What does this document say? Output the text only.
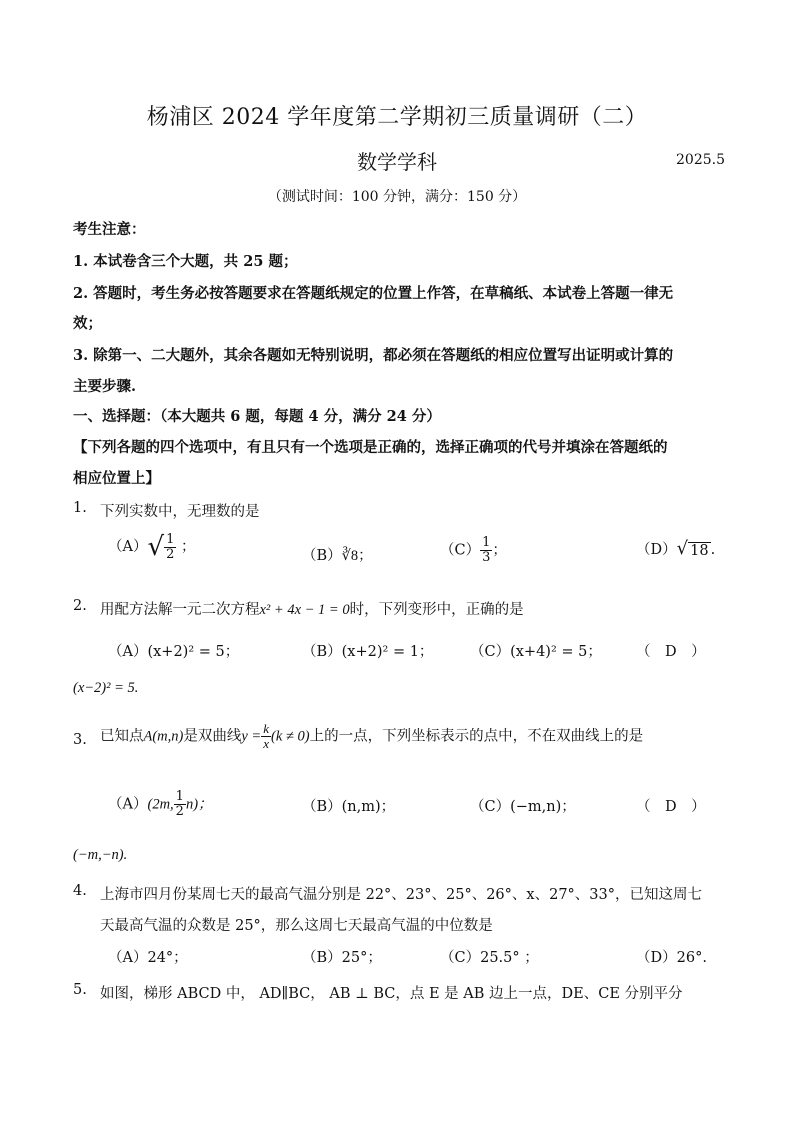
杨浦区 2024 学年度第二学期初三质量调研（二）
数学学科	2025.5
（测试时间：100 分钟，满分：150 分）
考生注意：
1. 本试卷含三个大题，共 25 题；
2. 答题时，考生务必按答题要求在答题纸规定的位置上作答，在草稿纸、本试卷上答题一律无
效；
3. 除第一、二大题外，其余各题如无特别说明，都必须在答题纸的相应位置写出证明或计算的
主要步骤.
一、选择题：（本大题共 6 题，每题 4 分，满分 24 分）
【下列各题的四个选项中，有且只有一个选项是正确的，选择正确项的代号并填涂在答题纸的
相应位置上】
1. 下列实数中，无理数的是
$(A)√ \frac{1}{2}$ ；
（B）∛8；	$(C) \frac{1}{3}$ ；	（D）√ 18 .
2. 用配方法解一元二次方程x² + 4x − 1 = 0时，下列变形中，正确的是
（A）(x+2)² = 5；	（B）(x+2)² = 1；	（C）(x+4)² = 5； （　D　）
(x−2)² = 5.
3. 已知点A(m,n)是双曲线$y = \frac{k}{x} (k \ne 0)$上的一点，下列坐标表示的点中，不在双曲线上的是
（A）(2m, $\frac{1}{2} n$)；	（B）(n,m)；	（C）(−m,n)；	（　D　）
(−m,−n).
4. 上海市四月份某周七天的最高气温分别是 22°、23°、25°、26°、x、27°、33°，已知这周七
天最高气温的众数是 25°，那么这周七天最高气温的中位数是
（A）24°；	（B）25°；	（C）25.5° ；	（D）26°.
5. 如图，梯形 ABCD 中， AD∥BC， AB ⊥ BC，点 E 是 AB 边上一点，DE、CE 分别平分
